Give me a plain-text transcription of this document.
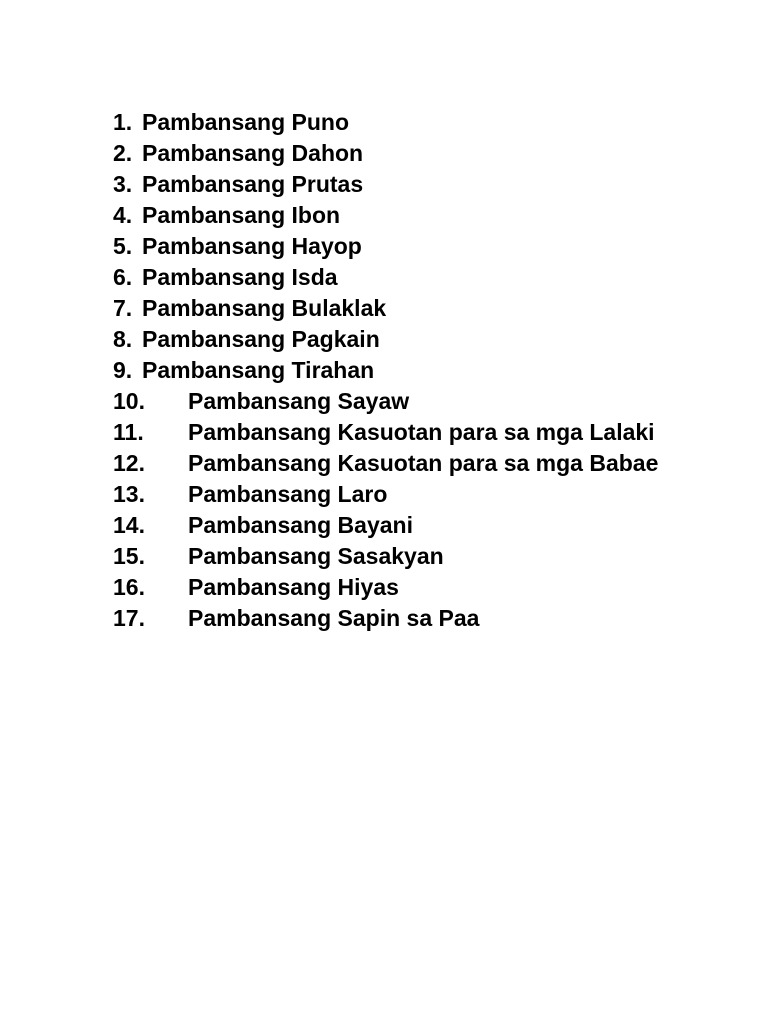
1. Pambansang Puno
2. Pambansang Dahon
3. Pambansang Prutas
4. Pambansang Ibon
5. Pambansang Hayop
6. Pambansang Isda
7. Pambansang Bulaklak
8. Pambansang Pagkain
9. Pambansang Tirahan
10. Pambansang Sayaw
11. Pambansang Kasuotan para sa mga Lalaki
12. Pambansang Kasuotan para sa mga Babae
13. Pambansang Laro
14. Pambansang Bayani
15. Pambansang Sasakyan
16. Pambansang Hiyas
17. Pambansang Sapin sa Paa
